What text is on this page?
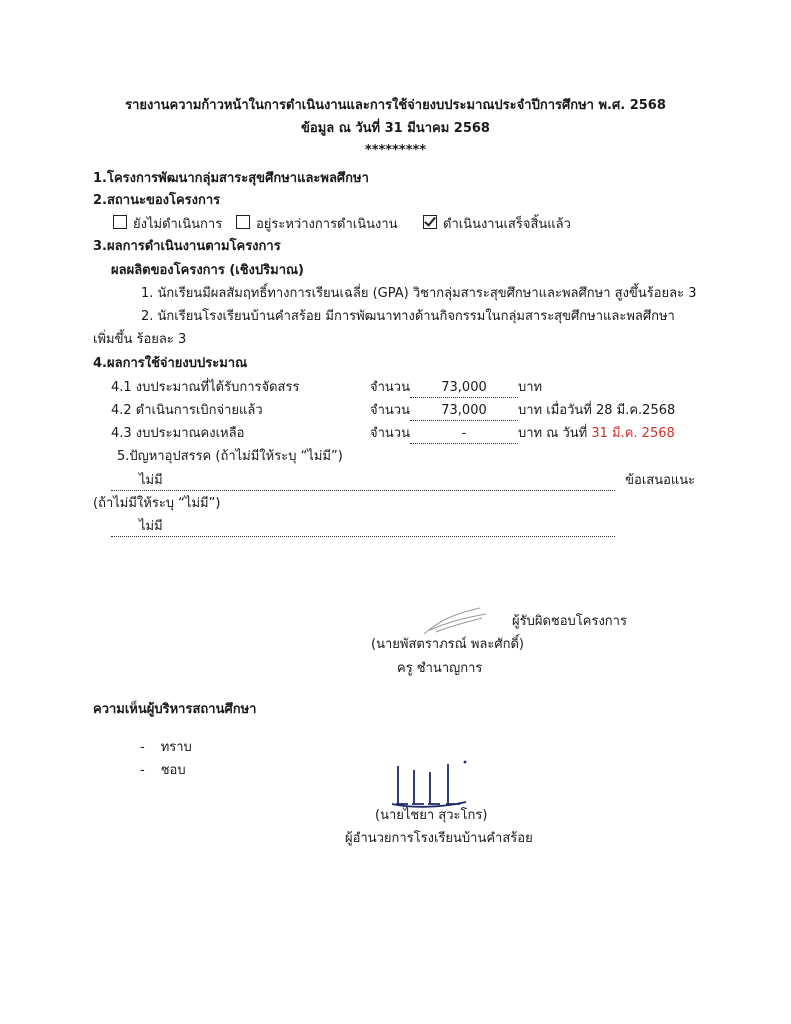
รายงานความก้าวหน้าในการดำเนินงานและการใช้จ่ายงบประมาณประจำปีการศึกษา พ.ศ. 2568
ข้อมูล ณ วันที่ 31 มีนาคม 2568
*********
1.โครงการพัฒนากลุ่มสาระสุขศึกษาและพลศึกษา
2.สถานะของโครงการ
ยังไม่ดำเนินการ	อยู่ระหว่างการดำเนินงาน	ดำเนินงานเสร็จสิ้นแล้ว
3.ผลการดำเนินงานตามโครงการ
ผลผลิตของโครงการ (เชิงปริมาณ)
1. นักเรียนมีผลสัมฤทธิ์ทางการเรียนเฉลี่ย (GPA) วิชากลุ่มสาระสุขศึกษาและพลศึกษา สูงขึ้นร้อยละ 3
2. นักเรียนโรงเรียนบ้านคำสร้อย มีการพัฒนาทางด้านกิจกรรมในกลุ่มสาระสุขศึกษาและพลศึกษา
เพิ่มขึ้น ร้อยละ 3
4.ผลการใช้จ่ายงบประมาณ
4.1 งบประมาณที่ได้รับการจัดสรร	จำนวน 73,000 บาท
4.2 ดำเนินการเบิกจ่ายแล้ว	จำนวน 73,000 บาท เมื่อวันที่ 28 มี.ค.2568
4.3 งบประมาณคงเหลือ	จำนวน	-	บาท ณ วันที่ 31 มี.ค. 2568
5.ปัญหาอุปสรรค (ถ้าไม่มีให้ระบุ “ไม่มี”)
ไม่มี	ข้อเสนอแนะ
(ถ้าไม่มีให้ระบุ “ไม่มี”)
ไม่มี
ผู้รับผิดชอบโครงการ
(นายพัสตราภรณ์ พละศักดิ์)
ครู ชำนาญการ
ความเห็นผู้บริหารสถานศึกษา
- ทราบ
- ชอบ
(นายไชยา สุวะโกร)
ผู้อำนวยการโรงเรียนบ้านคำสร้อย
